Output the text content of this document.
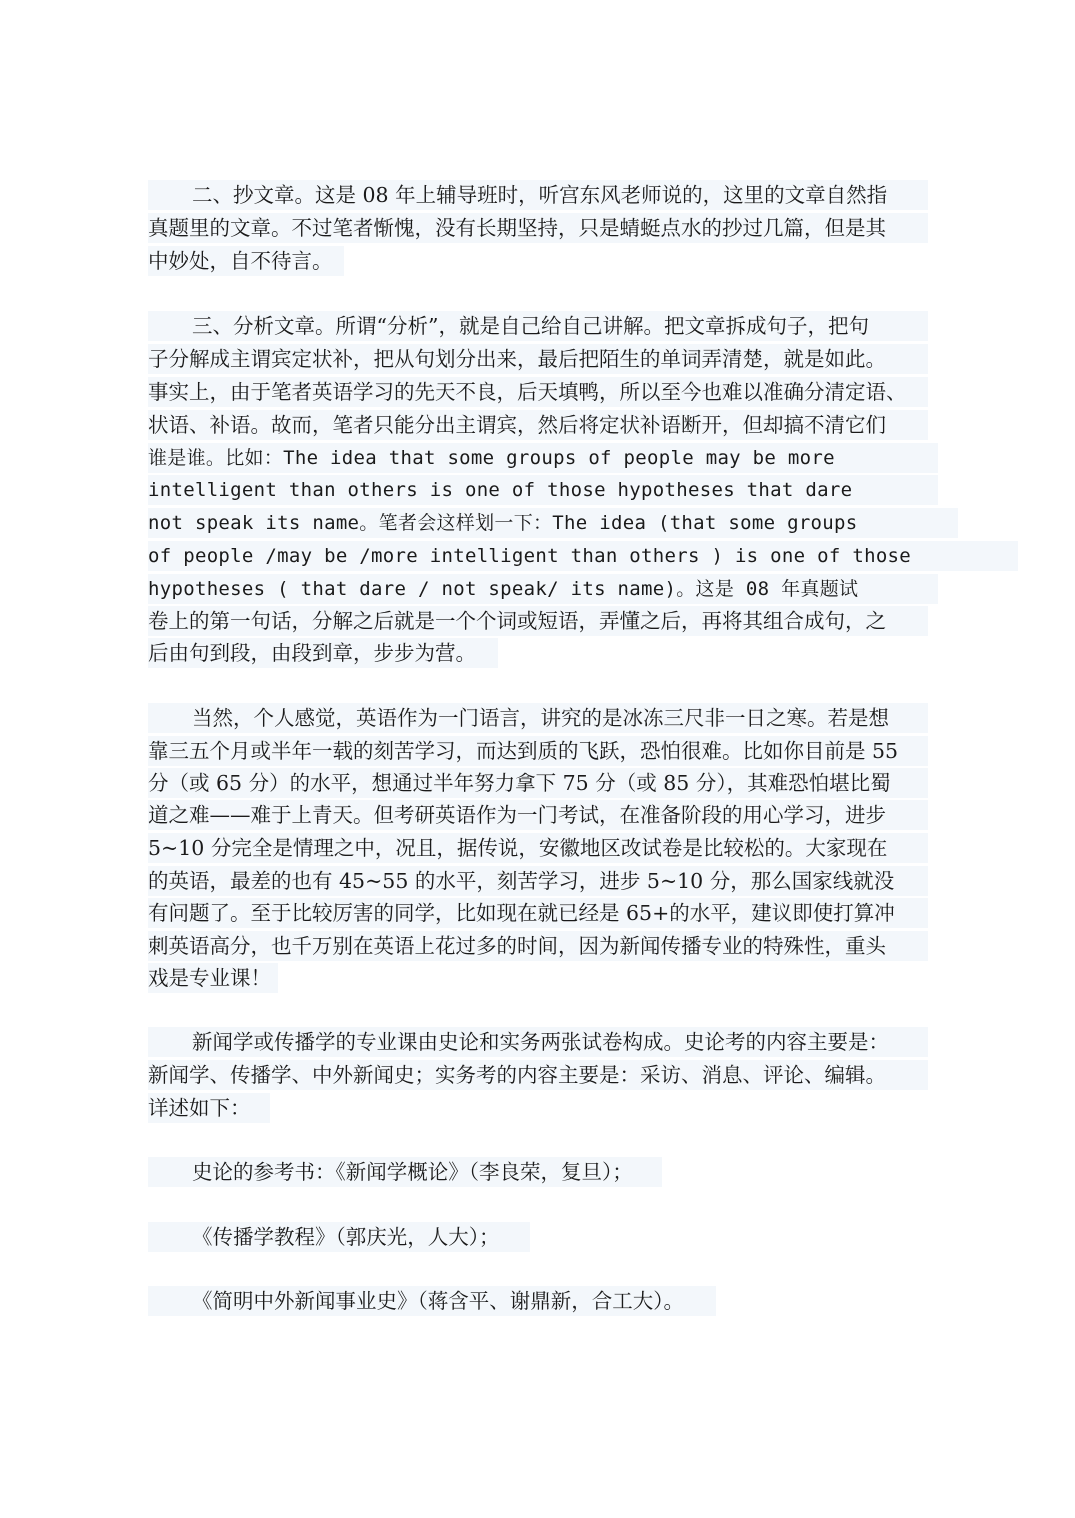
二、抄文章。这是 08 年上辅导班时，听宫东风老师说的，这里的文章自然指
真题里的文章。不过笔者惭愧，没有长期坚持，只是蜻蜓点水的抄过几篇，但是其
中妙处，自不待言。
三、分析文章。所谓“分析”，就是自己给自己讲解。把文章拆成句子，把句
子分解成主谓宾定状补，把从句划分出来，最后把陌生的单词弄清楚，就是如此。
事实上，由于笔者英语学习的先天不良，后天填鸭，所以至今也难以准确分清定语、
状语、补语。故而，笔者只能分出主谓宾，然后将定状补语断开，但却搞不清它们
谁是谁。比如：The idea that some groups of people may be more
intelligent than others is one of those hypotheses that dare
not speak its name。笔者会这样划一下：The idea (that some groups
of people /may be /more intelligent than others ) is one of those
hypotheses ( that dare / not speak/ its name)。这是 08 年真题试
卷上的第一句话，分解之后就是一个个词或短语，弄懂之后，再将其组合成句，之
后由句到段，由段到章，步步为营。
当然，个人感觉，英语作为一门语言，讲究的是冰冻三尺非一日之寒。若是想
靠三五个月或半年一载的刻苦学习，而达到质的飞跃，恐怕很难。比如你目前是 55
分（或 65 分）的水平，想通过半年努力拿下 75 分（或 85 分），其难恐怕堪比蜀
道之难——难于上青天。但考研英语作为一门考试，在准备阶段的用心学习，进步
5~10 分完全是情理之中，况且，据传说，安徽地区改试卷是比较松的。大家现在
的英语，最差的也有 45~55 的水平，刻苦学习，进步 5~10 分，那么国家线就没
有问题了。至于比较厉害的同学，比如现在就已经是 65+的水平，建议即使打算冲
刺英语高分，也千万别在英语上花过多的时间，因为新闻传播专业的特殊性，重头
戏是专业课！
新闻学或传播学的专业课由史论和实务两张试卷构成。史论考的内容主要是：
新闻学、传播学、中外新闻史；实务考的内容主要是：采访、消息、评论、编辑。
详述如下：
史论的参考书：《新闻学概论》（李良荣，复旦）；
《传播学教程》（郭庆光，人大）；
《简明中外新闻事业史》（蒋含平、谢鼎新，合工大）。
